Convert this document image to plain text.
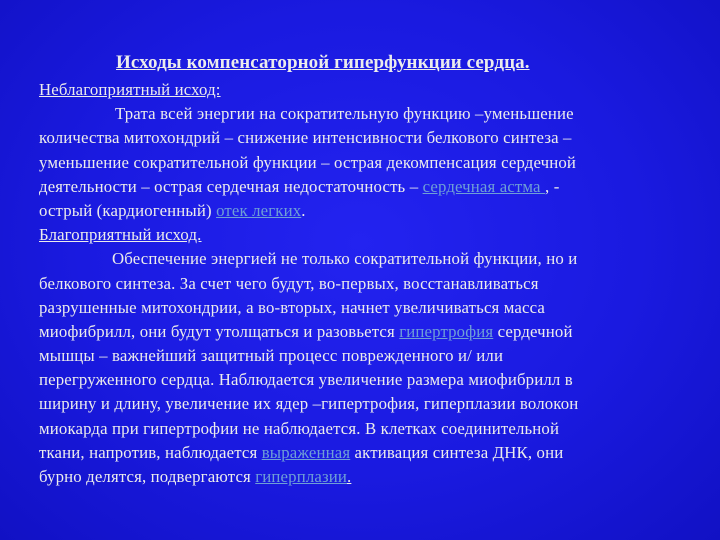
Исходы компенсаторной гиперфункции сердца.
Неблагоприятный исход:
Трата всей энергии на сократительную функцию –уменьшение
количества митохондрий – снижение интенсивности белкового синтеза –
уменьшение сократительной функции – острая декомпенсация сердечной
деятельности – острая сердечная недостаточность – сердечная астма , -
острый (кардиогенный) отек легких.
Благоприятный исход.
Обеспечение энергией не только сократительной функции, но и
белкового синтеза. За счет чего будут, во-первых, восстанавливаться
разрушенные митохондрии, а во-вторых, начнет увеличиваться масса
миофибрилл, они будут утолщаться и разовьется гипертрофия сердечной
мышцы – важнейший защитный процесс поврежденного и/ или
перегруженного сердца. Наблюдается увеличение размера миофибрилл в
ширину и длину, увеличение их ядер –гипертрофия, гиперплазии волокон
миокарда при гипертрофии не наблюдается. В клетках соединительной
ткани, напротив, наблюдается выраженная активация синтеза ДНК, они
бурно делятся, подвергаются гиперплазии.
